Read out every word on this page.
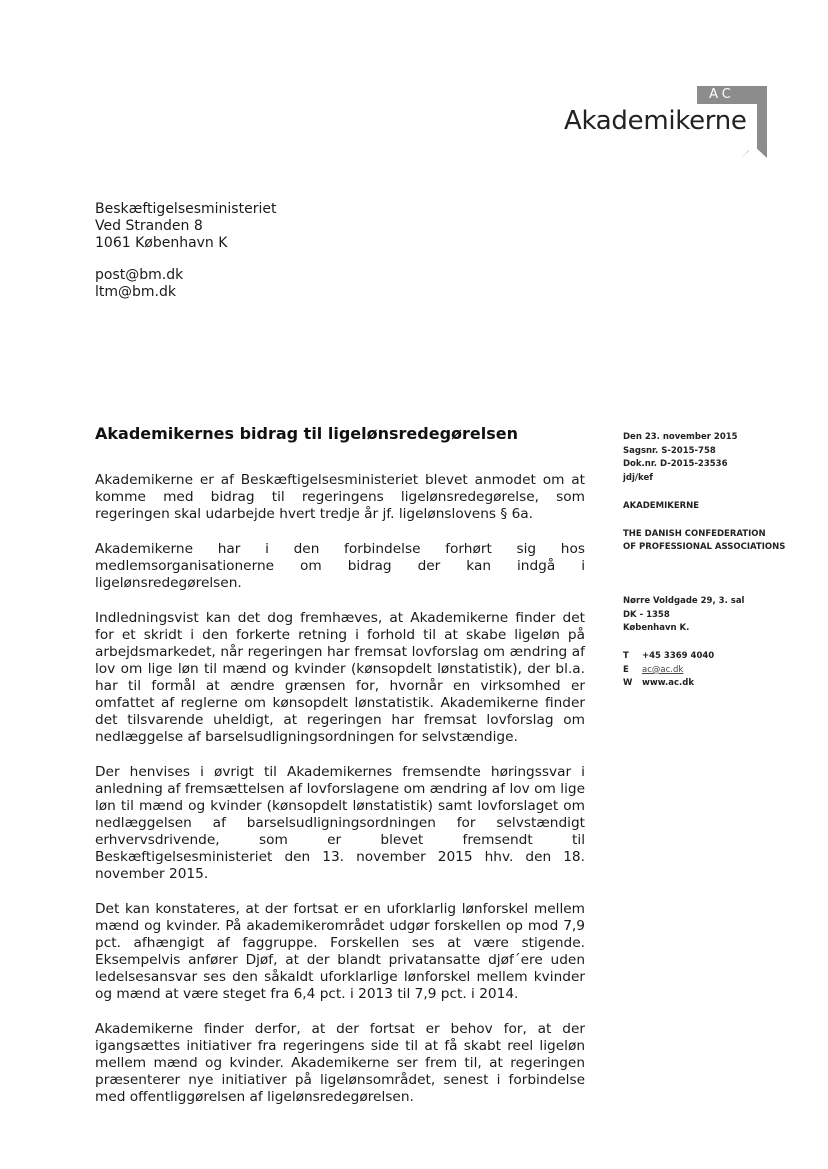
AC
Akademikerne
Beskæftigelsesministeriet
Ved Stranden 8
1061 København K
post@bm.dk
ltm@bm.dk
Akademikernes bidrag til ligelønsredegørelsen

Akademikerne er af Beskæftigelsesministeriet blevet anmodet om at komme med bidrag til regeringens ligelønsredegørelse, som regeringen skal udarbejde hvert tredje år jf. ligelønslovens § 6a.

Akademikerne har i den forbindelse forhørt sig hos medlemsorganisationerne om bidrag der kan indgå i ligelønsredegørelsen.

Indledningsvist kan det dog fremhæves, at Akademikerne finder det for et skridt i den forkerte retning i forhold til at skabe ligeløn på arbejdsmarkedet, når regeringen har fremsat lovforslag om ændring af lov om lige løn til mænd og kvinder (kønsopdelt lønstatistik), der bl.a. har til formål at ændre grænsen for, hvornår en virksomhed er omfattet af reglerne om kønsopdelt lønstatistik. Akademikerne finder det tilsvarende uheldigt, at regeringen har fremsat lovforslag om nedlæggelse af barselsudligningsordningen for selvstændige.

Der henvises i øvrigt til Akademikernes fremsendte høringssvar i anledning af fremsættelsen af lovforslagene om ændring af lov om lige løn til mænd og kvinder (kønsopdelt lønstatistik) samt lovforslaget om nedlæggelsen af barselsudligningsordningen for selvstændigt erhvervsdrivende, som er blevet fremsendt til Beskæftigelsesministeriet den 13. november 2015 hhv. den 18. november 2015.

Det kan konstateres, at der fortsat er en uforklarlig lønforskel mellem mænd og kvinder. På akademikerområdet udgør forskellen op mod 7,9 pct. afhængigt af faggruppe. Forskellen ses at være stigende. Eksempelvis anfører Djøf, at der blandt privatansatte djøf´ere uden ledelsesansvar ses den såkaldt uforklarlige lønforskel mellem kvinder og mænd at være steget fra 6,4 pct. i 2013 til 7,9 pct. i 2014.

Akademikerne finder derfor, at der fortsat er behov for, at der igangsættes initiativer fra regeringens side til at få skabt reel ligeløn mellem mænd og kvinder. Akademikerne ser frem til, at regeringen præsenterer nye initiativer på ligelønsområdet, senest i forbindelse med offentliggørelsen af ligelønsredegørelsen.

Den 23. november 2015
Sagsnr. S-2015-758
Dok.nr. D-2015-23536
jdj/kef
AKADEMIKERNE
THE DANISH CONFEDERATION
OF PROFESSIONAL ASSOCIATIONS
Nørre Voldgade 29, 3. sal
DK - 1358
København K.
T	+45 3369 4040
E	ac@ac.dk
W	www.ac.dk
